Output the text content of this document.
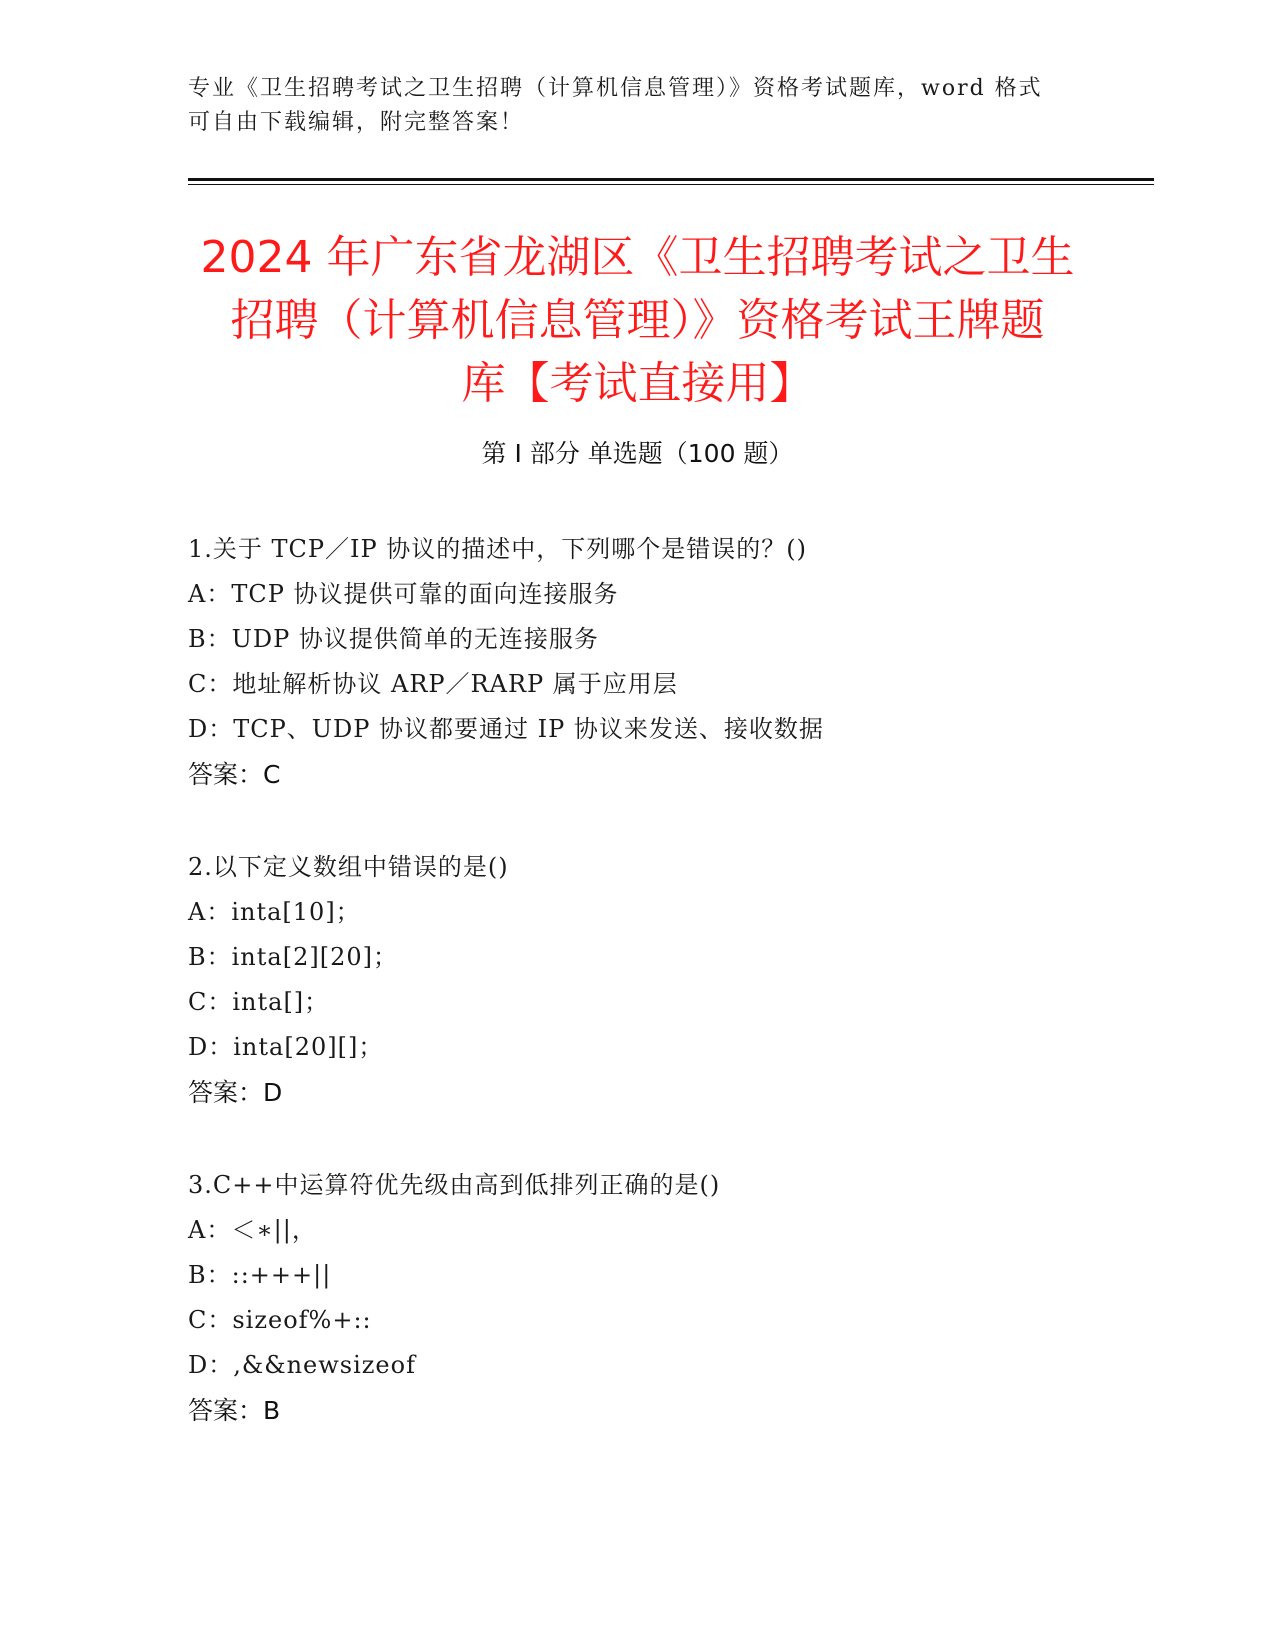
专业《卫生招聘考试之卫生招聘（计算机信息管理）》资格考试题库，word 格式
可自由下载编辑，附完整答案！
2024 年广东省龙湖区《卫生招聘考试之卫生
招聘（计算机信息管理）》资格考试王牌题
库【考试直接用】
第 I 部分 单选题（100 题）
1.关于 TCP／IP 协议的描述中，下列哪个是错误的？()
A：TCP 协议提供可靠的面向连接服务
B：UDP 协议提供简单的无连接服务
C：地址解析协议 ARP／RARP 属于应用层
D：TCP、UDP 协议都要通过 IP 协议来发送、接收数据
答案：C
2.以下定义数组中错误的是()
A：inta[10]；
B：inta[2][20]；
C：inta[]；
D：inta[20][]；
答案：D
3.C++中运算符优先级由高到低排列正确的是()
A：＜∗||，
B：::+++||
C：sizeof%+::
D：,&&newsizeof
答案：B
